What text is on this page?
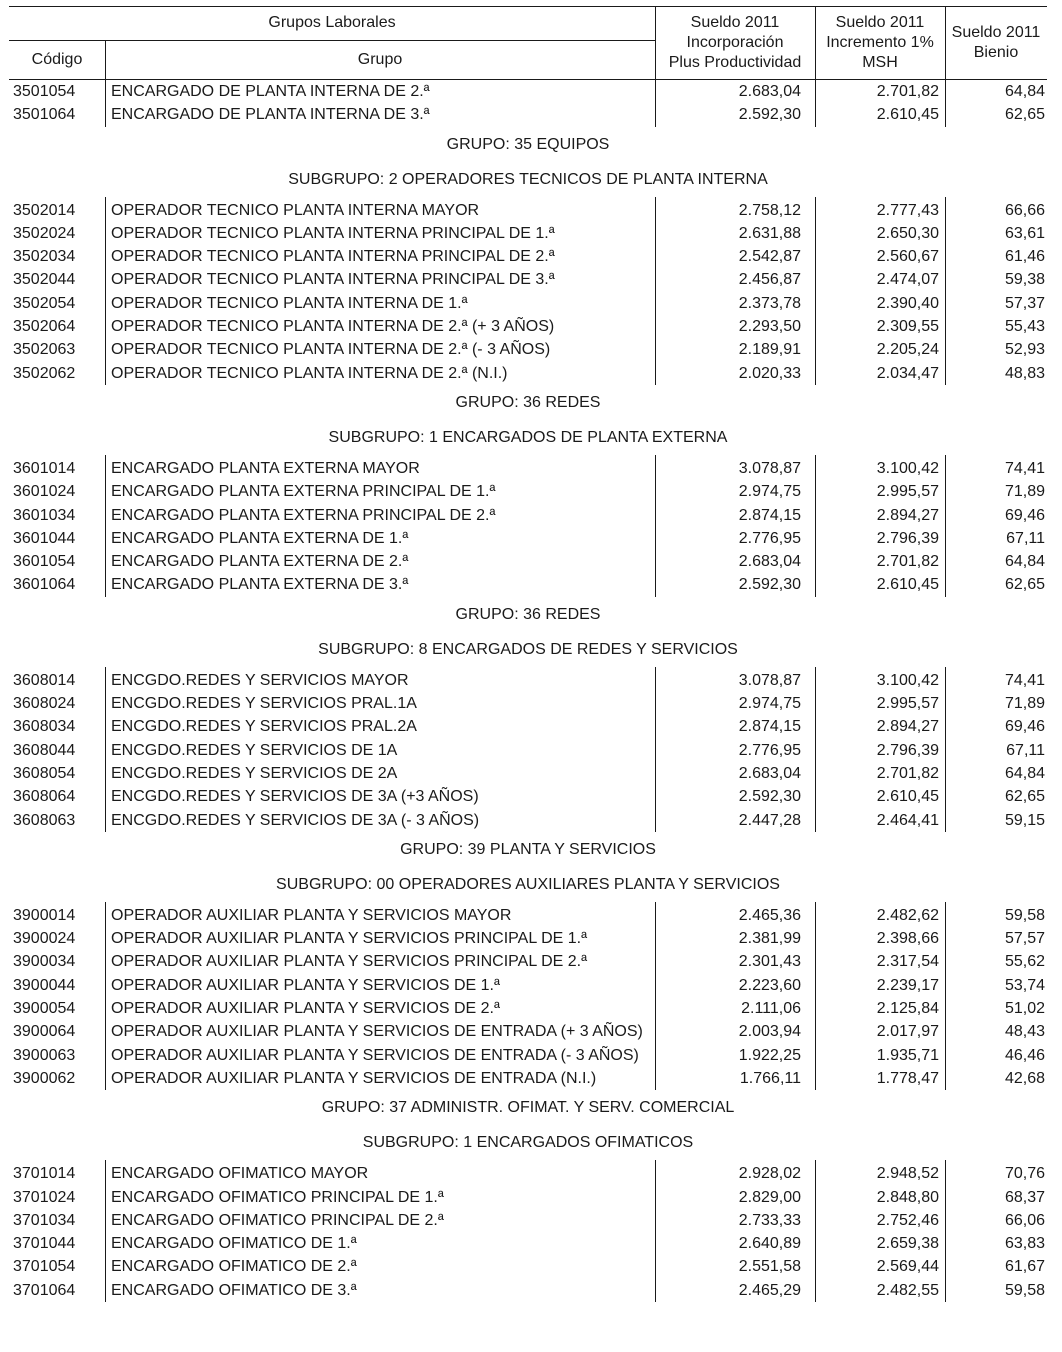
Grupos Laborales
Código	Grupo
Sueldo 2011
Incorporación
Plus Productividad
Sueldo 2011
Incremento 1%
MSH
Sueldo 2011
Bienio
3501054	ENCARGADO DE PLANTA INTERNA DE 2.ª	2.683,04	2.701,82	64,84
3501064	ENCARGADO DE PLANTA INTERNA DE 3.ª	2.592,30	2.610,45	62,65
GRUPO: 35 EQUIPOS
SUBGRUPO: 2 OPERADORES TECNICOS DE PLANTA INTERNA
3502014	OPERADOR TECNICO PLANTA INTERNA MAYOR	2.758,12	2.777,43	66,66
3502024	OPERADOR TECNICO PLANTA INTERNA PRINCIPAL DE 1.ª	2.631,88	2.650,30	63,61
3502034	OPERADOR TECNICO PLANTA INTERNA PRINCIPAL DE 2.ª	2.542,87	2.560,67	61,46
3502044	OPERADOR TECNICO PLANTA INTERNA PRINCIPAL DE 3.ª	2.456,87	2.474,07	59,38
3502054	OPERADOR TECNICO PLANTA INTERNA DE 1.ª	2.373,78	2.390,40	57,37
3502064	OPERADOR TECNICO PLANTA INTERNA DE 2.ª (+ 3 AÑOS)	2.293,50	2.309,55	55,43
3502063	OPERADOR TECNICO PLANTA INTERNA DE 2.ª (- 3 AÑOS)	2.189,91	2.205,24	52,93
3502062	OPERADOR TECNICO PLANTA INTERNA DE 2.ª (N.I.)	2.020,33	2.034,47	48,83
GRUPO: 36 REDES
SUBGRUPO: 1 ENCARGADOS DE PLANTA EXTERNA
3601014	ENCARGADO PLANTA EXTERNA MAYOR	3.078,87	3.100,42	74,41
3601024	ENCARGADO PLANTA EXTERNA PRINCIPAL DE 1.ª	2.974,75	2.995,57	71,89
3601034	ENCARGADO PLANTA EXTERNA PRINCIPAL DE 2.ª	2.874,15	2.894,27	69,46
3601044	ENCARGADO PLANTA EXTERNA DE 1.ª	2.776,95	2.796,39	67,11
3601054	ENCARGADO PLANTA EXTERNA DE 2.ª	2.683,04	2.701,82	64,84
3601064	ENCARGADO PLANTA EXTERNA DE 3.ª	2.592,30	2.610,45	62,65
GRUPO: 36 REDES
SUBGRUPO: 8 ENCARGADOS DE REDES Y SERVICIOS
3608014	ENCGDO.REDES Y SERVICIOS MAYOR	3.078,87	3.100,42	74,41
3608024	ENCGDO.REDES Y SERVICIOS PRAL.1A	2.974,75	2.995,57	71,89
3608034	ENCGDO.REDES Y SERVICIOS PRAL.2A	2.874,15	2.894,27	69,46
3608044	ENCGDO.REDES Y SERVICIOS DE 1A	2.776,95	2.796,39	67,11
3608054	ENCGDO.REDES Y SERVICIOS DE 2A	2.683,04	2.701,82	64,84
3608064	ENCGDO.REDES Y SERVICIOS DE 3A (+3 AÑOS)	2.592,30	2.610,45	62,65
3608063	ENCGDO.REDES Y SERVICIOS DE 3A (- 3 AÑOS)	2.447,28	2.464,41	59,15
GRUPO: 39 PLANTA Y SERVICIOS
SUBGRUPO: 00 OPERADORES AUXILIARES PLANTA Y SERVICIOS
3900014	OPERADOR AUXILIAR PLANTA Y SERVICIOS MAYOR	2.465,36	2.482,62	59,58
3900024	OPERADOR AUXILIAR PLANTA Y SERVICIOS PRINCIPAL DE 1.ª	2.381,99	2.398,66	57,57
3900034	OPERADOR AUXILIAR PLANTA Y SERVICIOS PRINCIPAL DE 2.ª	2.301,43	2.317,54	55,62
3900044	OPERADOR AUXILIAR PLANTA Y SERVICIOS DE 1.ª	2.223,60	2.239,17	53,74
3900054	OPERADOR AUXILIAR PLANTA Y SERVICIOS DE 2.ª	2.111,06	2.125,84	51,02
3900064	OPERADOR AUXILIAR PLANTA Y SERVICIOS DE ENTRADA (+ 3 AÑOS)	2.003,94	2.017,97	48,43
3900063	OPERADOR AUXILIAR PLANTA Y SERVICIOS DE ENTRADA (- 3 AÑOS)	1.922,25	1.935,71	46,46
3900062	OPERADOR AUXILIAR PLANTA Y SERVICIOS DE ENTRADA (N.I.)	1.766,11	1.778,47	42,68
GRUPO: 37 ADMINISTR. OFIMAT. Y SERV. COMERCIAL
SUBGRUPO: 1 ENCARGADOS OFIMATICOS
3701014	ENCARGADO OFIMATICO MAYOR	2.928,02	2.948,52	70,76
3701024	ENCARGADO OFIMATICO PRINCIPAL DE 1.ª	2.829,00	2.848,80	68,37
3701034	ENCARGADO OFIMATICO PRINCIPAL DE 2.ª	2.733,33	2.752,46	66,06
3701044	ENCARGADO OFIMATICO DE 1.ª	2.640,89	2.659,38	63,83
3701054	ENCARGADO OFIMATICO DE 2.ª	2.551,58	2.569,44	61,67
3701064	ENCARGADO OFIMATICO DE 3.ª	2.465,29	2.482,55	59,58
